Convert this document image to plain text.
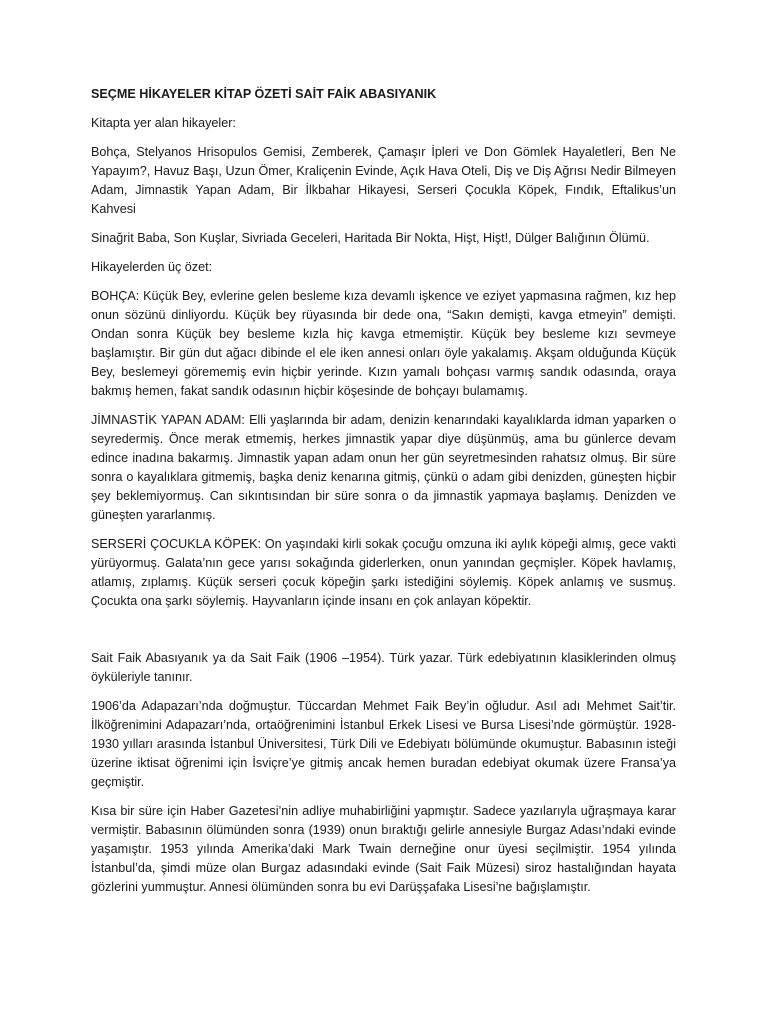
SEÇME HİKAYELER KİTAP ÖZETİ SAİT FAİK ABASIYANIK

Kitapta yer alan hikayeler:

Bohça, Stelyanos Hrisopulos Gemisi, Zemberek, Çamaşır İpleri ve Don Gömlek Hayaletleri, Ben Ne Yapayım?, Havuz Başı, Uzun Ömer, Kraliçenin Evinde, Açık Hava Oteli, Diş ve Diş Ağrısı Nedir Bilmeyen Adam, Jimnastik Yapan Adam, Bir İlkbahar Hikayesi, Serseri Çocukla Köpek, Fındık, Eftalikus’un Kahvesi

Sinağrit Baba, Son Kuşlar, Sivriada Geceleri, Haritada Bir Nokta, Hişt, Hişt!, Dülger Balığının Ölümü.

Hikayelerden üç özet:

BOHÇA: Küçük Bey, evlerine gelen besleme kıza devamlı işkence ve eziyet yapmasına rağmen, kız hep onun sözünü dinliyordu. Küçük bey rüyasında bir dede ona, “Sakın demişti, kavga etmeyin” demişti. Ondan sonra Küçük bey besleme kızla hiç kavga etmemiştir. Küçük bey besleme kızı sevmeye başlamıştır. Bir gün dut ağacı dibinde el ele iken annesi onları öyle yakalamış. Akşam olduğunda Küçük Bey, beslemeyi görememiş evin hiçbir yerinde. Kızın yamalı bohçası varmış sandık odasında, oraya bakmış hemen, fakat sandık odasının hiçbir köşesinde de bohçayı bulamamış.

JİMNASTİK YAPAN ADAM: Elli yaşlarında bir adam, denizin kenarındaki kayalıklarda idman yaparken o seyredermiş. Önce merak etmemiş, herkes jimnastik yapar diye düşünmüş, ama bu günlerce devam edince inadına bakarmış. Jimnastik yapan adam onun her gün seyretmesinden rahatsız olmuş. Bir süre sonra o kayalıklara gitmemiş, başka deniz kenarına gitmiş, çünkü o adam gibi denizden, güneşten hiçbir şey beklemiyormuş. Can sıkıntısından bir süre sonra o da jimnastik yapmaya başlamış. Denizden ve güneşten yararlanmış.

SERSERİ ÇOCUKLA KÖPEK: On yaşındaki kirli sokak çocuğu omzuna iki aylık köpeği almış, gece vakti yürüyormuş. Galata’nın gece yarısı sokağında giderlerken, onun yanından geçmişler. Köpek havlamış, atlamış, zıplamış. Küçük serseri çocuk köpeğin şarkı istediğini söylemiş. Köpek anlamış ve susmuş. Çocukta ona şarkı söylemiş. Hayvanların içinde insanı en çok anlayan köpektir.

Sait Faik Abasıyanık ya da Sait Faik (1906 –1954). Türk yazar. Türk edebiyatının klasiklerinden olmuş öyküleriyle tanınır.

1906’da Adapazarı’nda doğmuştur. Tüccardan Mehmet Faik Bey’in oğludur. Asıl adı Mehmet Sait’tir. İlköğrenimini Adapazarı’nda, ortaöğrenimini İstanbul Erkek Lisesi ve Bursa Lisesi’nde görmüştür. 1928-1930 yılları arasında İstanbul Üniversitesi, Türk Dili ve Edebiyatı bölümünde okumuştur. Babasının isteği üzerine iktisat öğrenimi için İsviçre’ye gitmiş ancak hemen buradan edebiyat okumak üzere Fransa’ya geçmiştir.

Kısa bir süre için Haber Gazetesi’nin adliye muhabirliğini yapmıştır. Sadece yazılarıyla uğraşmaya karar vermiştir. Babasının ölümünden sonra (1939) onun bıraktığı gelirle annesiyle Burgaz Adası’ndaki evinde yaşamıştır. 1953 yılında Amerika’daki Mark Twain derneğine onur üyesi seçilmiştir. 1954 yılında İstanbul’da, şimdi müze olan Burgaz adasındaki evinde (Sait Faik Müzesi) siroz hastalığından hayata gözlerini yummuştur. Annesi ölümünden sonra bu evi Darüşşafaka Lisesi’ne bağışlamıştır.
